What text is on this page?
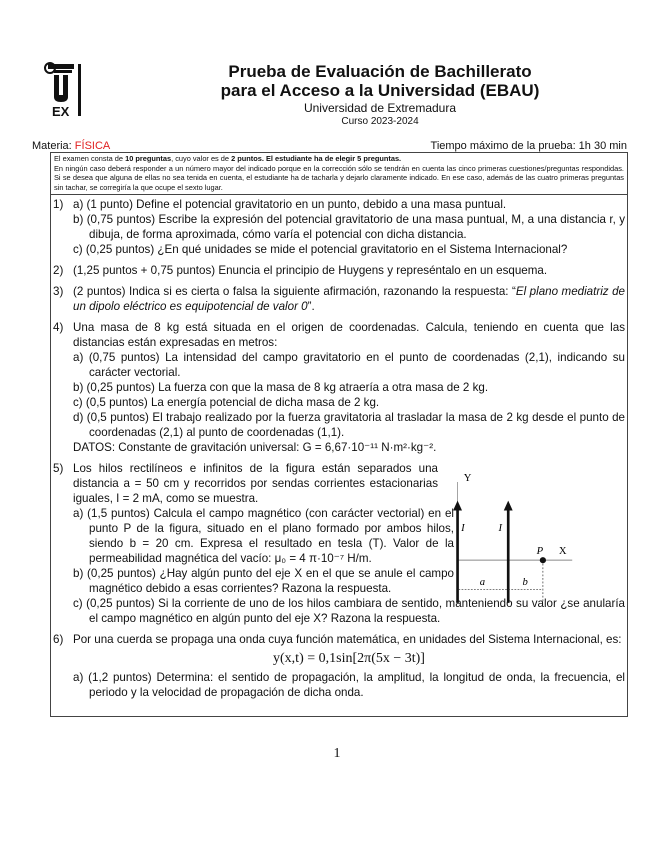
EX
Prueba de Evaluación de Bachillerato
para el Acceso a la Universidad (EBAU)
Universidad de Extremadura
Curso 2023-2024
Materia: FÍSICA	Tiempo máximo de la prueba: 1h 30 min
El examen consta de 10 preguntas, cuyo valor es de 2 puntos. El estudiante ha de elegir 5 preguntas.
En ningún caso deberá responder a un número mayor del indicado porque en la corrección sólo se tendrán en cuenta las cinco primeras cuestiones/preguntas respondidas. Si se desea que alguna de ellas no sea tenida en cuenta, el estudiante ha de tacharla y dejarlo claramente indicado. En ese caso, además de las cuatro primeras preguntas sin tachar, se corregiría la que ocupe el sexto lugar.
1) a) (1 punto) Define el potencial gravitatorio en un punto, debido a una masa puntual.
b) (0,75 puntos) Escribe la expresión del potencial gravitatorio de una masa puntual, M, a una distancia r, y dibuja, de forma aproximada, cómo varía el potencial con dicha distancia.
c) (0,25 puntos) ¿En qué unidades se mide el potencial gravitatorio en el Sistema Internacional?
2) (1,25 puntos + 0,75 puntos) Enuncia el principio de Huygens y represéntalo en un esquema.
3) (2 puntos) Indica si es cierta o falsa la siguiente afirmación, razonando la respuesta: “El plano mediatriz de un dipolo eléctrico es equipotencial de valor 0”.
4) Una masa de 8 kg está situada en el origen de coordenadas. Calcula, teniendo en cuenta que las distancias están expresadas en metros:
a) (0,75 puntos) La intensidad del campo gravitatorio en el punto de coordenadas (2,1), indicando su carácter vectorial.
b) (0,25 puntos) La fuerza con que la masa de 8 kg atraería a otra masa de 2 kg.
c) (0,5 puntos) La energía potencial de dicha masa de 2 kg.
d) (0,5 puntos) El trabajo realizado por la fuerza gravitatoria al trasladar la masa de 2 kg desde el punto de coordenadas (2,1) al punto de coordenadas (1,1).
DATOS: Constante de gravitación universal: G = 6,67·10⁻¹¹ N·m²·kg⁻².
5) Los hilos rectilíneos e infinitos de la figura están separados una distancia a = 50 cm y recorridos por sendas corrientes estacionarias iguales, I = 2 mA, como se muestra.
a) (1,5 puntos) Calcula el campo magnético (con carácter vectorial) en el punto P de la figura, situado en el plano formado por ambos hilos, siendo b = 20 cm. Expresa el resultado en tesla (T). Valor de la permeabilidad magnética del vacío: μ₀ = 4 π·10⁻⁷ H/m.
b) (0,25 puntos) ¿Hay algún punto del eje X en el que se anule el campo magnético debido a esas corrientes? Razona la respuesta.
c) (0,25 puntos) Si la corriente de uno de los hilos cambiara de sentido, manteniendo su valor ¿se anularía el campo magnético en algún punto del eje X? Razona la respuesta.
Y
X
I	I
P
a	b
6) Por una cuerda se propaga una onda cuya función matemática, en unidades del Sistema Internacional, es:
y(x,t) = 0,1sin[2π(5x − 3t)]
a) (1,2 puntos) Determina: el sentido de propagación, la amplitud, la longitud de onda, la frecuencia, el periodo y la velocidad de propagación de dicha onda.
1
